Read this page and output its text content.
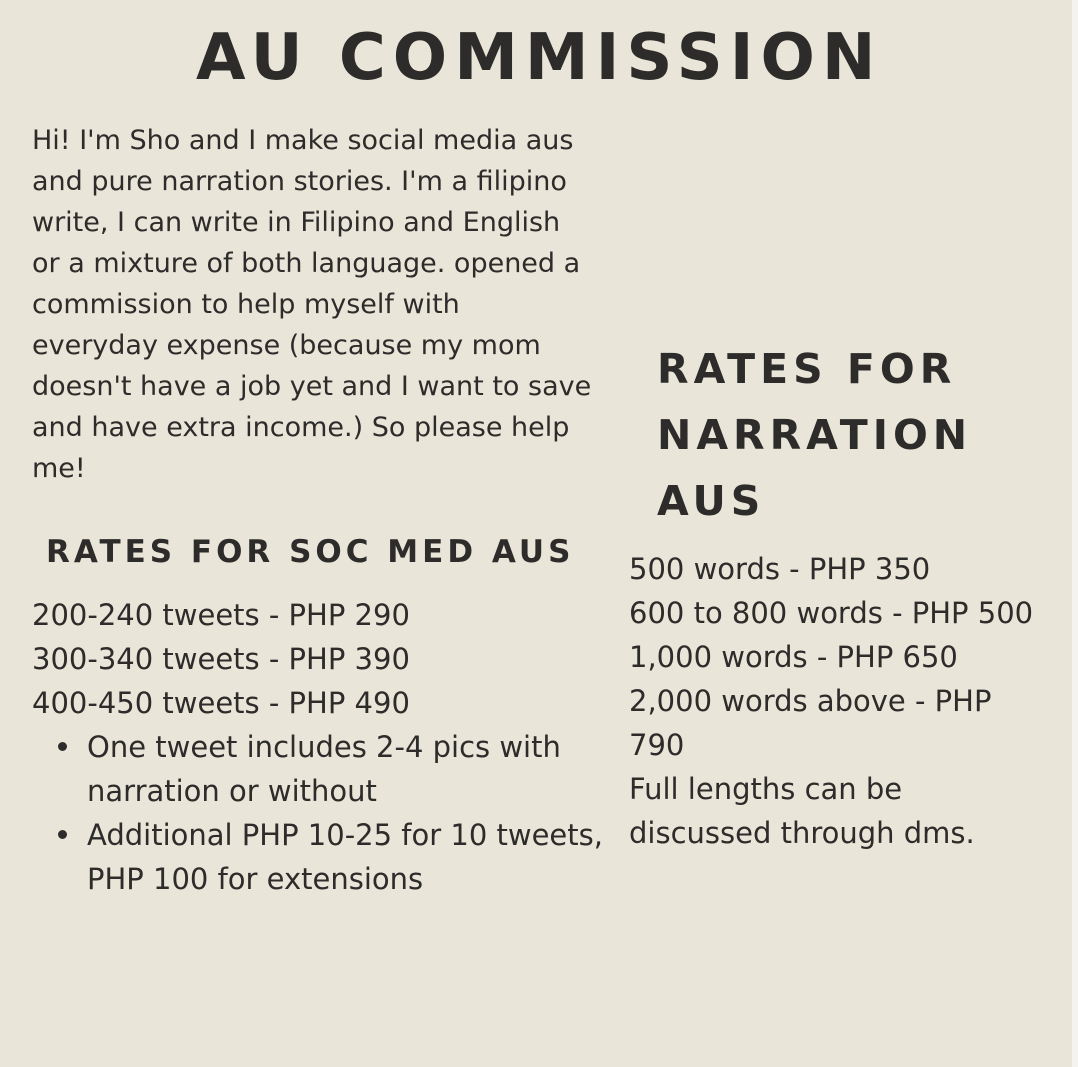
AU COMMISSION

Hi! I'm Sho and I make social media aus and pure narration stories. I'm a filipino write, I can write in Filipino and English or a mixture of both language. opened a commission to help myself with everyday expense (because my mom doesn't have a job yet and I want to save and have extra income.) So please help me!

RATES FOR SOC MED AUS
200-240 tweets - PHP 290
300-340 tweets - PHP 390
400-450 tweets - PHP 490
One tweet includes 2-4 pics with narration or without
Additional PHP 10-25 for 10 tweets, PHP 100 for extensions
RATES FOR
NARRATION
AUS
500 words - PHP 350
600 to 800 words - PHP 500
1,000 words - PHP 650
2,000 words above - PHP 790
Full lengths can be discussed through dms.
